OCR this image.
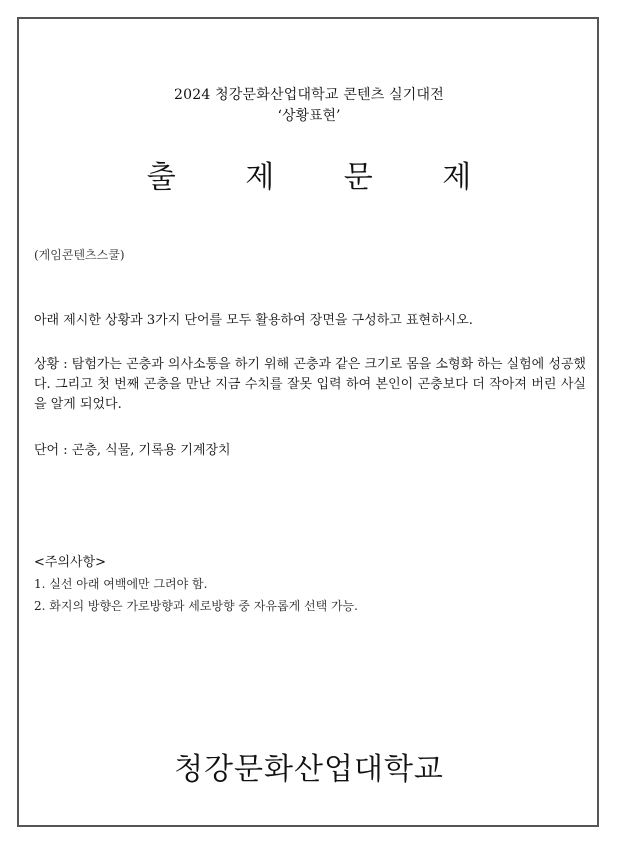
2024 청강문화산업대학교 콘텐츠 실기대전
‘상황표현’
출 제 문 제
(게임콘텐츠스쿨)
아래 제시한 상황과 3가지 단어를 모두 활용하여 장면을 구성하고 표현하시오.
상황 : 탐험가는 곤충과 의사소통을 하기 위해 곤충과 같은 크기로 몸을 소형화 하는 실험에 성공했다. 그리고 첫 번째 곤충을 만난 지금 수치를 잘못 입력 하여 본인이 곤충보다 더 작아져 버린 사실을 알게 되었다.
단어 : 곤충, 식물, 기록용 기계장치
<주의사항>
1. 실선 아래 여백에만 그려야 함.
2. 화지의 방향은 가로방향과 세로방향 중 자유롭게 선택 가능.
청강문화산업대학교
